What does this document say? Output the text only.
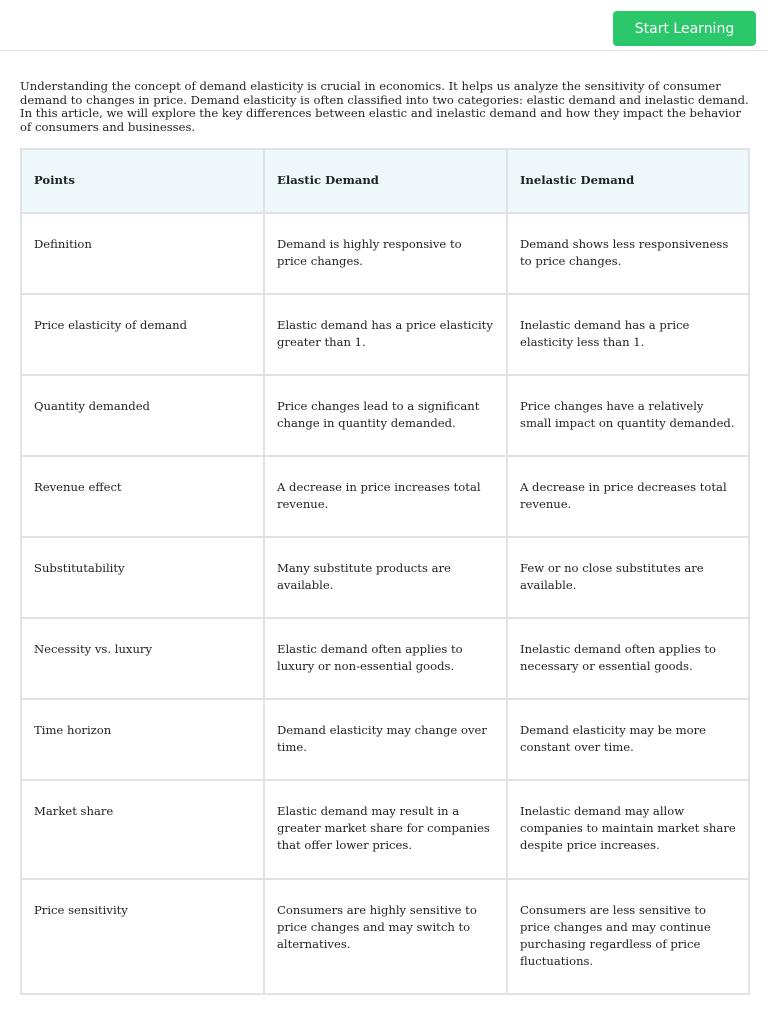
Start Learning

Understanding the concept of demand elasticity is crucial in economics. It helps us analyze the sensitivity of consumer demand to changes in price. Demand elasticity is often classified into two categories: elastic demand and inelastic demand. In this article, we will explore the key differences between elastic and inelastic demand and how they impact the behavior of consumers and businesses.

Points	Elastic Demand	Inelastic Demand
Definition	Demand is highly responsive to price changes.	Demand shows less responsiveness to price changes.
Price elasticity of demand	Elastic demand has a price elasticity greater than 1.	Inelastic demand has a price elasticity less than 1.
Quantity demanded	Price changes lead to a significant change in quantity demanded.	Price changes have a relatively small impact on quantity demanded.
Revenue effect	A decrease in price increases total revenue.	A decrease in price decreases total revenue.
Substitutability	Many substitute products are available.	Few or no close substitutes are available.
Necessity vs. luxury	Elastic demand often applies to luxury or non-essential goods.	Inelastic demand often applies to necessary or essential goods.
Time horizon	Demand elasticity may change over time.	Demand elasticity may be more constant over time.
Market share	Elastic demand may result in a greater market share for companies that offer lower prices.	Inelastic demand may allow companies to maintain market share despite price increases.
Price sensitivity	Consumers are highly sensitive to price changes and may switch to alternatives.	Consumers are less sensitive to price changes and may continue purchasing regardless of price fluctuations.
